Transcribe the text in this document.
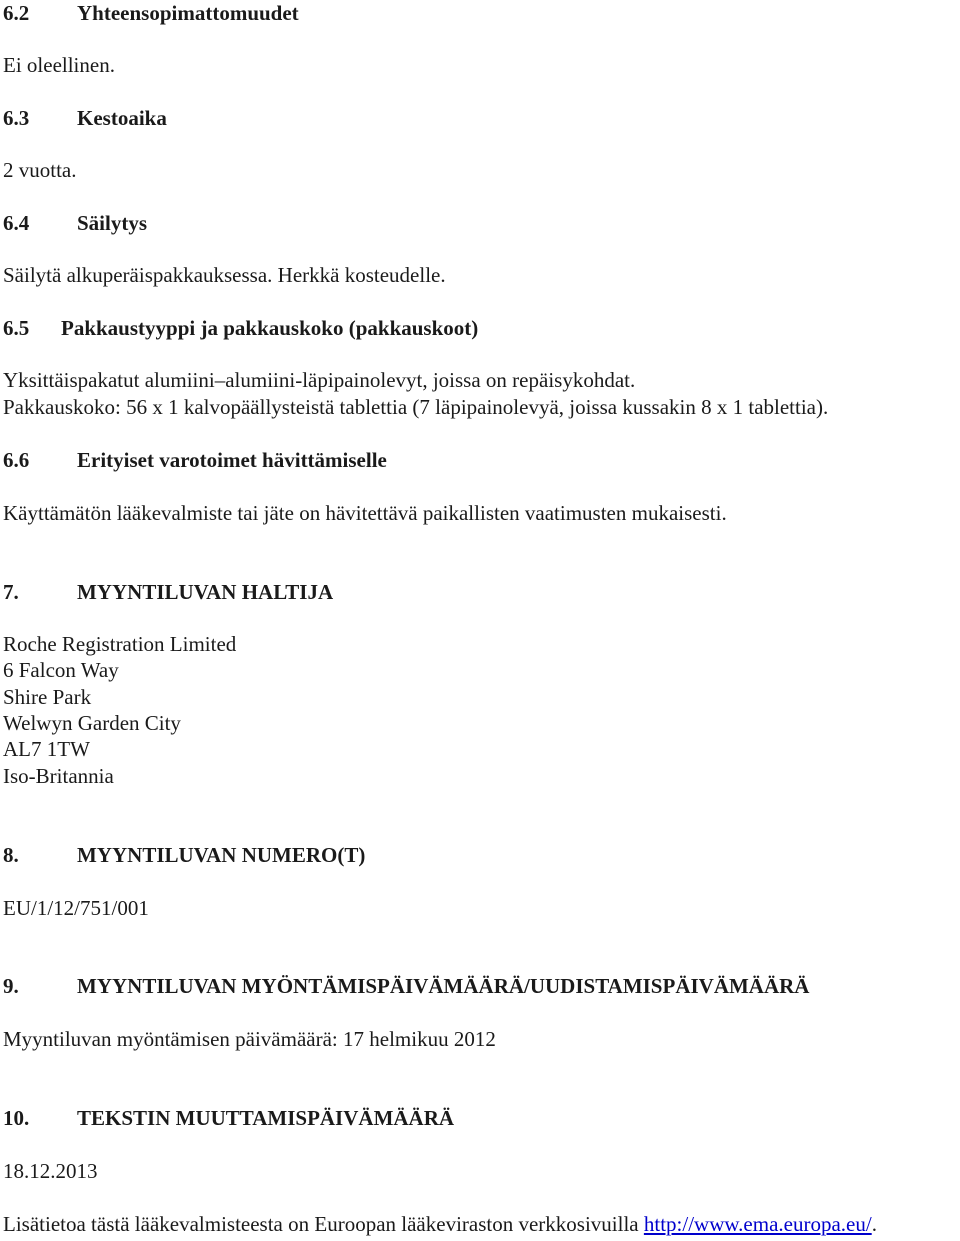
6.2 Yhteensopimattomuudet
Ei oleellinen.
6.3 Kestoaika
2 vuotta.
6.4 Säilytys
Säilytä alkuperäispakkauksessa. Herkkä kosteudelle.
6.5 Pakkaustyyppi ja pakkauskoko (pakkauskoot)
Yksittäispakatut alumiini–alumiini-läpipainolevyt, joissa on repäisykohdat.
Pakkauskoko: 56 x 1 kalvopäällysteistä tablettia (7 läpipainolevyä, joissa kussakin 8 x 1 tablettia).
6.6 Erityiset varotoimet hävittämiselle
Käyttämätön lääkevalmiste tai jäte on hävitettävä paikallisten vaatimusten mukaisesti.
7.	MYYNTILUVAN HALTIJA
Roche Registration Limited
6 Falcon Way
Shire Park
Welwyn Garden City
AL7 1TW
Iso-Britannia
8.	MYYNTILUVAN NUMERO(T)
EU/1/12/751/001
9.	MYYNTILUVAN MYÖNTÄMISPÄIVÄMÄÄRÄ/UUDISTAMISPÄIVÄMÄÄRÄ
Myyntiluvan myöntämisen päivämäärä: 17 helmikuu 2012
10. TEKSTIN MUUTTAMISPÄIVÄMÄÄRÄ
18.12.2013
Lisätietoa tästä lääkevalmisteesta on Euroopan lääkeviraston verkkosivuilla http://www.ema.europa.eu/.
